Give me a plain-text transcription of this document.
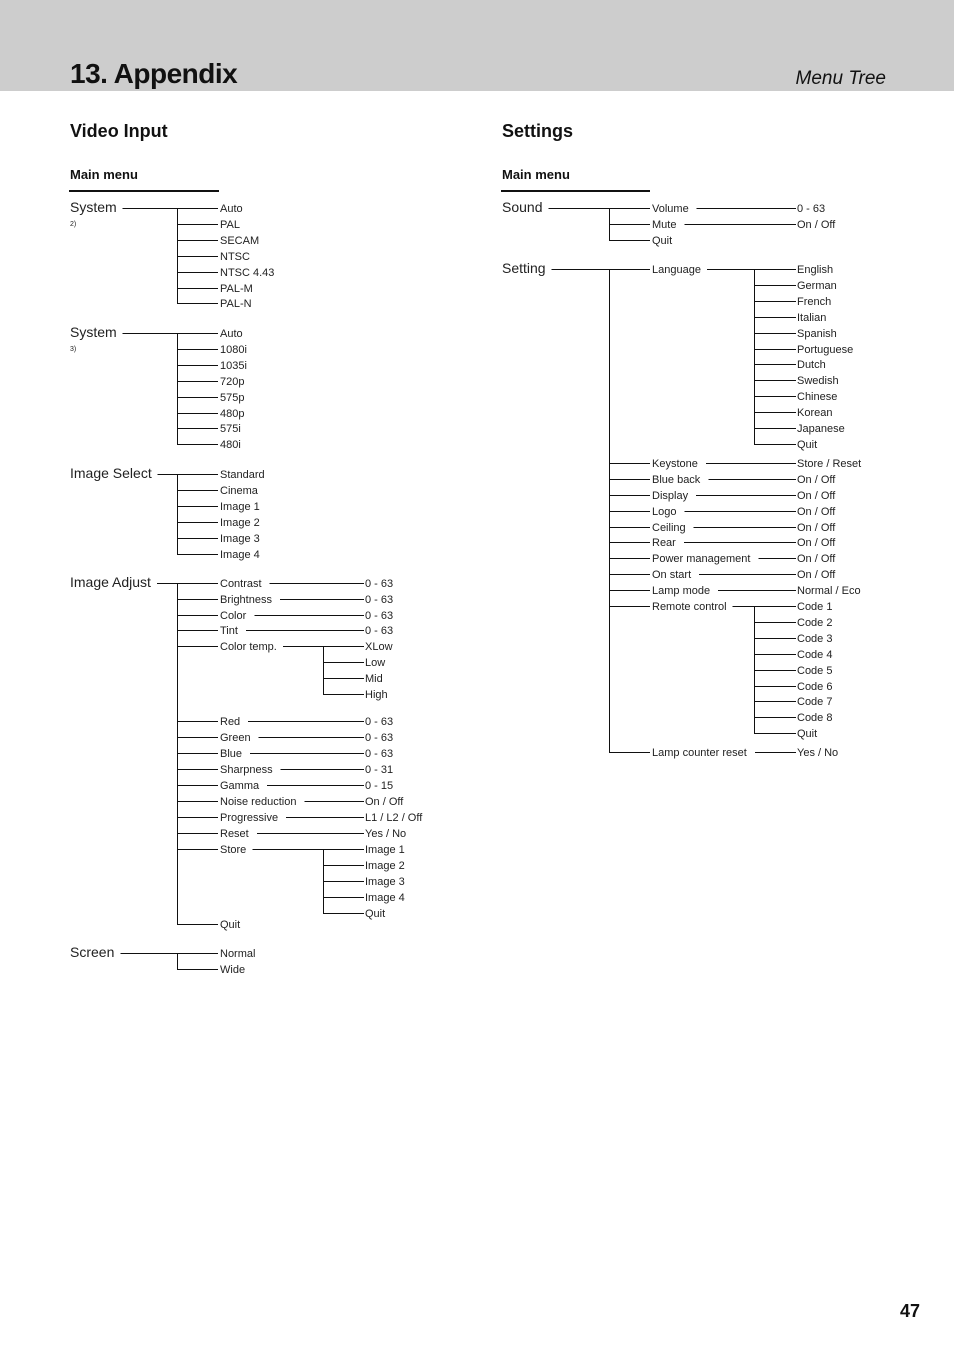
13. Appendix	Menu Tree
Video Input
Main menu
Settings
Main menu
System
2)
Auto
PAL
SECAM
NTSC
NTSC 4.43
PAL-M
PAL-N
System
3)
Auto
1080i
1035i
720p
575p
480p
575i
480i
Image Select	Standard
Cinema
Image 1
Image 2
Image 3
Image 4
Image Adjust	Contrast	0 - 63
Brightness	0 - 63
Color	0 - 63
Tint	0 - 63
Color temp.	XLow
Low
Mid
High
Red	0 - 63
Green	0 - 63
Blue	0 - 63
Sharpness	0 - 31
Gamma	0 - 15
Noise reduction	On / Off
Progressive	L1 / L2 / Off
Reset	Yes / No
Store	Image 1
Image 2
Image 3
Image 4
Quit
Quit
Screen	Normal
Wide
Sound	Volume	0 - 63
Mute	On / Off
Quit
Setting	Language	English
German
French
Italian
Spanish
Portuguese
Dutch
Swedish
Chinese
Korean
Japanese
Quit
Keystone	Store / Reset
Blue back	On / Off
Display	On / Off
Logo	On / Off
Ceiling	On / Off
Rear	On / Off
Power management	On / Off
On start	On / Off
Lamp mode	Normal / Eco
Remote control	Code 1
Code 2
Code 3
Code 4
Code 5
Code 6
Code 7
Code 8
Quit
Lamp counter reset	Yes / No
47
